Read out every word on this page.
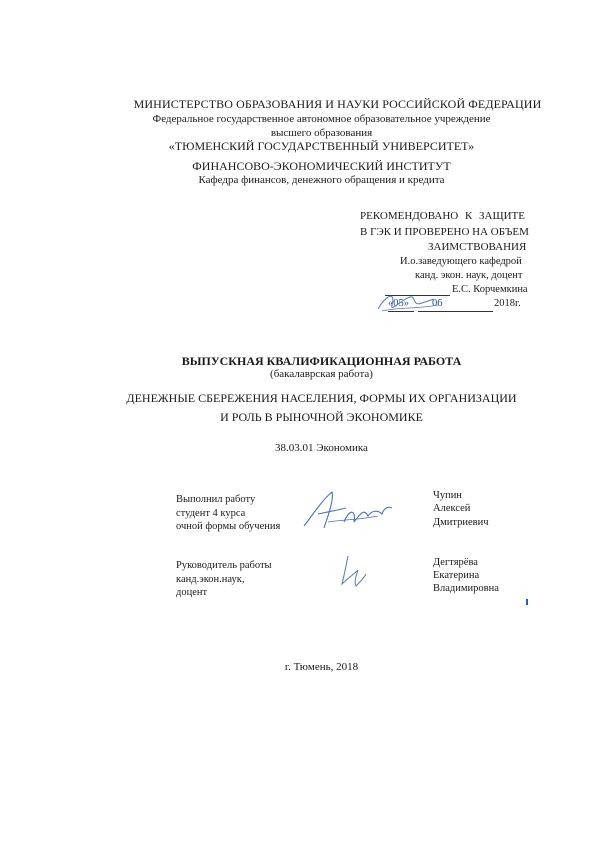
МИНИСТЕРСТВО ОБРАЗОВАНИЯ И НАУКИ РОССИЙСКОЙ ФЕДЕРАЦИИ
Федеральное государственное автономное образовательное учреждение
высшего образования
«ТЮМЕНСКИЙ ГОСУДАРСТВЕННЫЙ УНИВЕРСИТЕТ»
ФИНАНСОВО-ЭКОНОМИЧЕСКИЙ ИНСТИТУТ
Кафедра финансов, денежного обращения и кредита
РЕКОМЕНДОВАНО К ЗАЩИТЕ
В ГЭК И ПРОВЕРЕНО НА ОБЪЕМ
ЗАИМСТВОВАНИЯ
И.о.заведующего кафедрой
канд. экон. наук, доцент
Е.С. Корчемкина
«05» 06	2018г.
ВЫПУСКНАЯ КВАЛИФИКАЦИОННАЯ РАБОТА
(бакалаврская работа)
ДЕНЕЖНЫЕ СБЕРЕЖЕНИЯ НАСЕЛЕНИЯ, ФОРМЫ ИХ ОРГАНИЗАЦИИ
И РОЛЬ В РЫНОЧНОЙ ЭКОНОМИКЕ
38.03.01 Экономика
Выполнил работу
студент 4 курса
очной формы обучения
Чупин
Алексей
Дмитриевич
Руководитель работы
канд.экон.наук,
доцент
Дегтярёва
Екатерина
Владимировна
г. Тюмень, 2018
